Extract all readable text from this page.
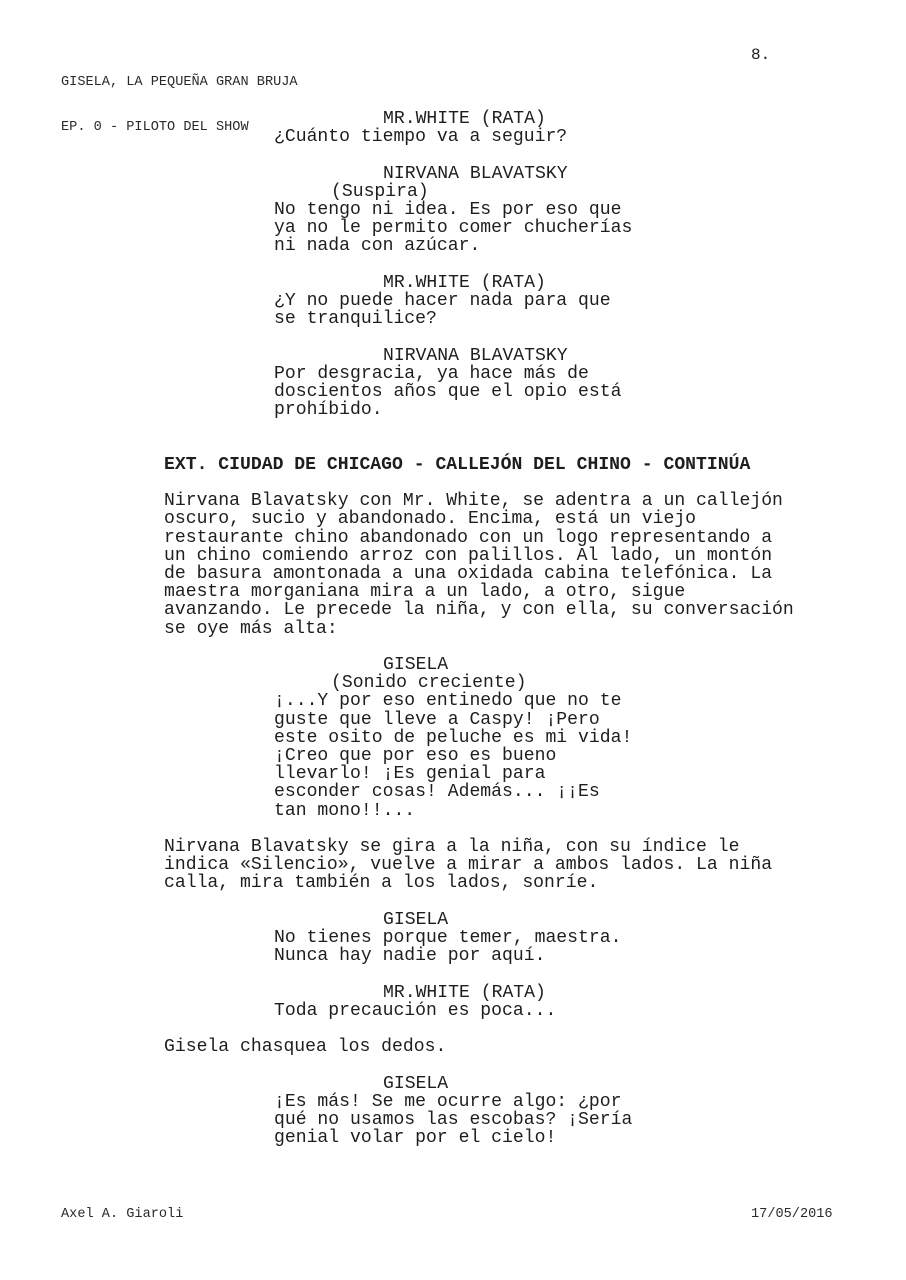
GISELA, LA PEQUEÑA GRAN BRUJA

EP. 0 - PILOTO DEL SHOW

8.
MR.WHITE (RATA)
¿Cuánto tiempo va a seguir?
NIRVANA BLAVATSKY
(Suspira)
No tengo ni idea. Es por eso que
ya no le permito comer chucherías
ni nada con azúcar.
MR.WHITE (RATA)
¿Y no puede hacer nada para que
se tranquilice?
NIRVANA BLAVATSKY
Por desgracia, ya hace más de
doscientos años que el opio está
prohíbido.
EXT. CIUDAD DE CHICAGO - CALLEJÓN DEL CHINO - CONTINÚA
Nirvana Blavatsky con Mr. White, se adentra a un callejón
oscuro, sucio y abandonado. Encima, está un viejo
restaurante chino abandonado con un logo representando a
un chino comiendo arroz con palillos. Al lado, un montón
de basura amontonada a una oxidada cabina telefónica. La
maestra morganiana mira a un lado, a otro, sigue
avanzando. Le precede la niña, y con ella, su conversación
se oye más alta:
GISELA
(Sonido creciente)
¡...Y por eso entinedo que no te
guste que lleve a Caspy! ¡Pero
este osito de peluche es mi vida!
¡Creo que por eso es bueno
llevarlo! ¡Es genial para
esconder cosas! Además... ¡¡Es
tan mono!!...
Nirvana Blavatsky se gira a la niña, con su índice le
indica «Silencio», vuelve a mirar a ambos lados. La niña
calla, mira también a los lados, sonríe.
GISELA
No tienes porque temer, maestra.
Nunca hay nadie por aquí.
MR.WHITE (RATA)
Toda precaución es poca...
Gisela chasquea los dedos.
GISELA
¡Es más! Se me ocurre algo: ¿por
qué no usamos las escobas? ¡Sería
genial volar por el cielo!
Axel A. Giaroli	17/05/2016
